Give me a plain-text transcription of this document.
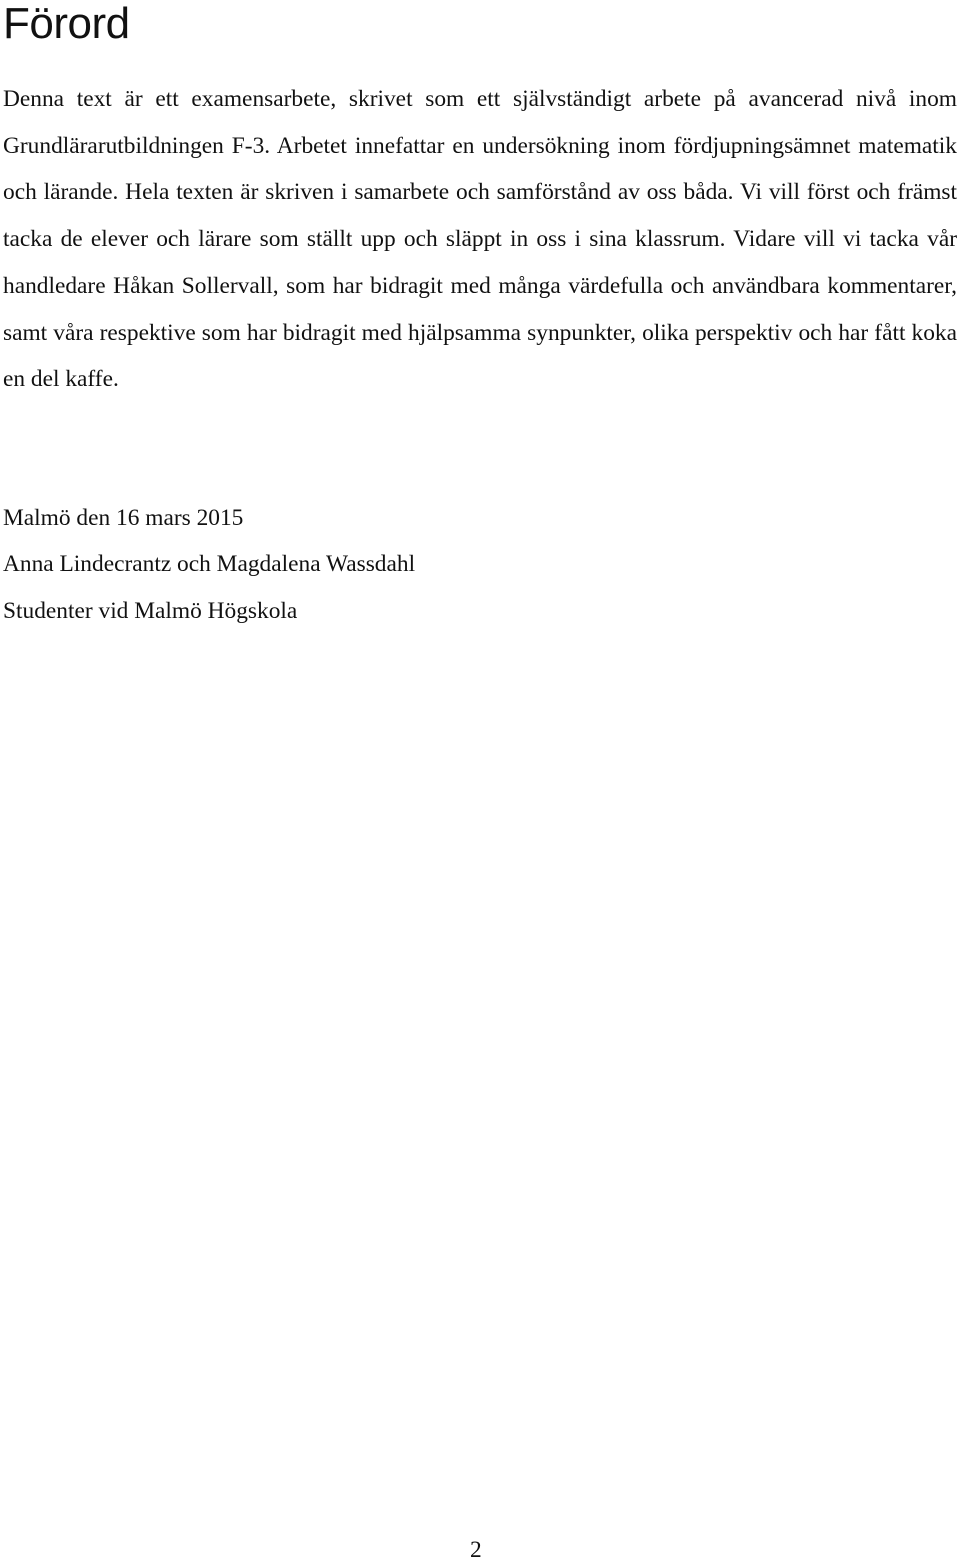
Förord

Denna text är ett examensarbete, skrivet som ett självständigt arbete på avancerad nivå inom Grundlärarutbildningen F-3. Arbetet innefattar en undersökning inom fördjupningsämnet matematik och lärande. Hela texten är skriven i samarbete och samförstånd av oss båda. Vi vill först och främst tacka de elever och lärare som ställt upp och släppt in oss i sina klassrum. Vidare vill vi tacka vår handledare Håkan Sollervall, som har bidragit med många värdefulla och användbara kommentarer, samt våra respektive som har bidragit med hjälpsamma synpunkter, olika perspektiv och har fått koka en del kaffe.

Malmö den 16 mars 2015

Anna Lindecrantz och Magdalena Wassdahl

Studenter vid Malmö Högskola

2
